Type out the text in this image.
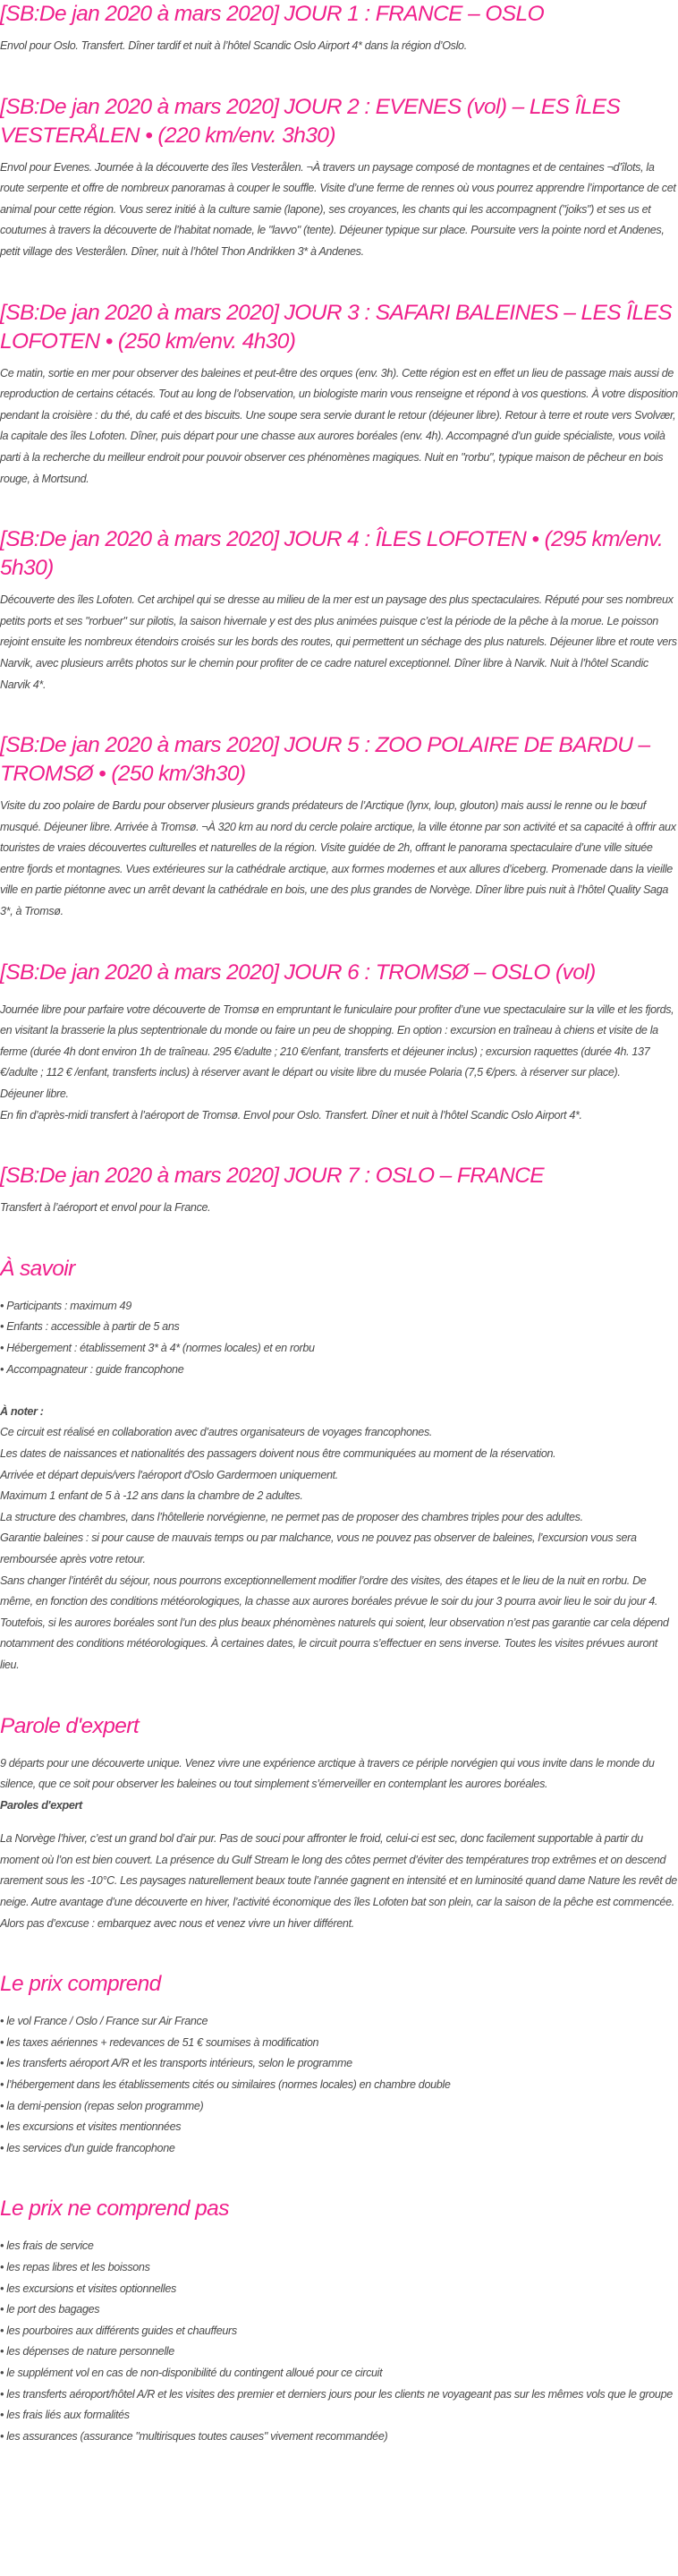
[SB:De jan 2020 à mars 2020] JOUR 1 : FRANCE – OSLO

Envol pour Oslo. Transfert. Dîner tardif et nuit à l’hôtel Scandic Oslo Airport 4* dans la région d’Oslo.

[SB:De jan 2020 à mars 2020] JOUR 2 : EVENES (vol) – LES ÎLES VESTERÅLEN • (220 km/env. 3h30)

Envol pour Evenes. Journée à la découverte des îles Vesterålen. ¬À travers un paysage composé de montagnes et de centaines ¬d’îlots, la route serpente et offre de nombreux panoramas à couper le souffle. Visite d’une ferme de rennes où vous pourrez apprendre l’importance de cet animal pour cette région. Vous serez initié à la culture samie (lapone), ses croyances, les chants qui les accompagnent ("joiks") et ses us et coutumes à travers la découverte de l’habitat nomade, le "lavvo" (tente). Déjeuner typique sur place. Poursuite vers la pointe nord et Andenes, petit village des Vesterålen. Dîner, nuit à l’hôtel Thon Andrikken 3* à Andenes.

[SB:De jan 2020 à mars 2020] JOUR 3 : SAFARI BALEINES – LES ÎLES LOFOTEN • (250 km/env. 4h30)

Ce matin, sortie en mer pour observer des baleines et peut-être des orques (env. 3h). Cette région est en effet un lieu de passage mais aussi de reproduction de certains cétacés. Tout au long de l’observation, un biologiste marin vous renseigne et répond à vos questions. À votre disposition pendant la croisière : du thé, du café et des biscuits. Une soupe sera servie durant le retour (déjeuner libre). Retour à terre et route vers Svolvær, la capitale des îles Lofoten. Dîner, puis départ pour une chasse aux aurores boréales (env. 4h). Accompagné d’un guide spécialiste, vous voilà parti à la recherche du meilleur endroit pour pouvoir observer ces phénomènes magiques. Nuit en "rorbu", typique maison de pêcheur en bois rouge, à Mortsund.

[SB:De jan 2020 à mars 2020] JOUR 4 : ÎLES LOFOTEN • (295 km/env. 5h30)

Découverte des îles Lofoten. Cet archipel qui se dresse au milieu de la mer est un paysage des plus spectaculaires. Réputé pour ses nombreux petits ports et ses "rorbuer" sur pilotis, la saison hivernale y est des plus animées puisque c’est la période de la pêche à la morue. Le poisson rejoint ensuite les nombreux étendoirs croisés sur les bords des routes, qui permettent un séchage des plus naturels. Déjeuner libre et route vers Narvik, avec plusieurs arrêts photos sur le chemin pour profiter de ce cadre naturel exceptionnel. Dîner libre à Narvik. Nuit à l’hôtel Scandic Narvik 4*.

[SB:De jan 2020 à mars 2020] JOUR 5 : ZOO POLAIRE DE BARDU – TROMSØ • (250 km/3h30)

Visite du zoo polaire de Bardu pour observer plusieurs grands prédateurs de l’Arctique (lynx, loup, glouton) mais aussi le renne ou le bœuf musqué. Déjeuner libre. Arrivée à Tromsø. ¬À 320 km au nord du cercle polaire arctique, la ville étonne par son activité et sa capacité à offrir aux touristes de vraies découvertes culturelles et naturelles de la région. Visite guidée de 2h, offrant le panorama spectaculaire d’une ville située entre fjords et montagnes. Vues extérieures sur la cathédrale arctique, aux formes modernes et aux allures d’iceberg. Promenade dans la vieille ville en partie piétonne avec un arrêt devant la cathédrale en bois, une des plus grandes de Norvège. Dîner libre puis nuit à l’hôtel Quality Saga 3*, à Tromsø.

[SB:De jan 2020 à mars 2020] JOUR 6 : TROMSØ – OSLO (vol)

Journée libre pour parfaire votre découverte de Tromsø en empruntant le funiculaire pour profiter d’une vue spectaculaire sur la ville et les fjords, en visitant la brasserie la plus septentrionale du monde ou faire un peu de shopping. En option : excursion en traîneau à chiens et visite de la ferme (durée 4h dont environ 1h de traîneau. 295 €/adulte ; 210 €/enfant, transferts et déjeuner inclus) ; excursion raquettes (durée 4h. 137 €/adulte ; 112 € /enfant, transferts inclus) à réserver avant le départ ou visite libre du musée Polaria (7,5 €/pers. à réserver sur place).

Déjeuner libre.

En fin d’après-midi transfert à l’aéroport de Tromsø. Envol pour Oslo. Transfert. Dîner et nuit à l’hôtel Scandic Oslo Airport 4*.

[SB:De jan 2020 à mars 2020] JOUR 7 : OSLO – FRANCE

Transfert à l’aéroport et envol pour la France.

À savoir

• Participants : maximum 49

• Enfants : accessible à partir de 5 ans

• Hébergement : établissement 3* à 4* (normes locales) et en rorbu

• Accompagnateur : guide francophone

À noter :

Ce circuit est réalisé en collaboration avec d’autres organisateurs de voyages francophones.

Les dates de naissances et nationalités des passagers doivent nous être communiquées au moment de la réservation.

Arrivée et départ depuis/vers l'aéroport d'Oslo Gardermoen uniquement.

Maximum 1 enfant de 5 à -12 ans dans la chambre de 2 adultes.

La structure des chambres, dans l’hôtellerie norvégienne, ne permet pas de proposer des chambres triples pour des adultes.

Garantie baleines : si pour cause de mauvais temps ou par malchance, vous ne pouvez pas observer de baleines, l’excursion vous sera remboursée après votre retour.

Sans changer l’intérêt du séjour, nous pourrons exceptionnellement modifier l’ordre des visites, des étapes et le lieu de la nuit en rorbu. De même, en fonction des conditions météorologiques, la chasse aux aurores boréales prévue le soir du jour 3 pourra avoir lieu le soir du jour 4. Toutefois, si les aurores boréales sont l’un des plus beaux phénomènes naturels qui soient, leur observation n’est pas garantie car cela dépend notamment des conditions météorologiques. À certaines dates, le circuit pourra s’effectuer en sens inverse. Toutes les visites prévues auront lieu.

Parole d'expert

9 départs pour une découverte unique. Venez vivre une expérience arctique à travers ce périple norvégien qui vous invite dans le monde du silence, que ce soit pour observer les baleines ou tout simplement s’émerveiller en contemplant les aurores boréales.

Paroles d'expert

La Norvège l’hiver, c’est un grand bol d’air pur. Pas de souci pour affronter le froid, celui-ci est sec, donc facilement supportable à partir du moment où l’on est bien couvert. La présence du Gulf Stream le long des côtes permet d’éviter des températures trop extrêmes et on descend rarement sous les -10°C. Les paysages naturellement beaux toute l’année gagnent en intensité et en luminosité quand dame Nature les revêt de neige. Autre avantage d’une découverte en hiver, l’activité économique des îles Lofoten bat son plein, car la saison de la pêche est commencée. Alors pas d’excuse : embarquez avec nous et venez vivre un hiver différent.

Le prix comprend

• le vol France / Oslo / France sur Air France

• les taxes aériennes + redevances de 51 € soumises à modification

• les transferts aéroport A/R et les transports intérieurs, selon le programme

• l’hébergement dans les établissements cités ou similaires (normes locales) en chambre double

• la demi-pension (repas selon programme)

• les excursions et visites mentionnées

• les services d'un guide francophone

Le prix ne comprend pas

• les frais de service

• les repas libres et les boissons

• les excursions et visites optionnelles

• le port des bagages

• les pourboires aux différents guides et chauffeurs

• les dépenses de nature personnelle

• le supplément vol en cas de non-disponibilité du contingent alloué pour ce circuit

• les transferts aéroport/hôtel A/R et les visites des premier et derniers jours pour les clients ne voyageant pas sur les mêmes vols que le groupe

• les frais liés aux formalités

• les assurances (assurance "multirisques toutes causes" vivement recommandée)
